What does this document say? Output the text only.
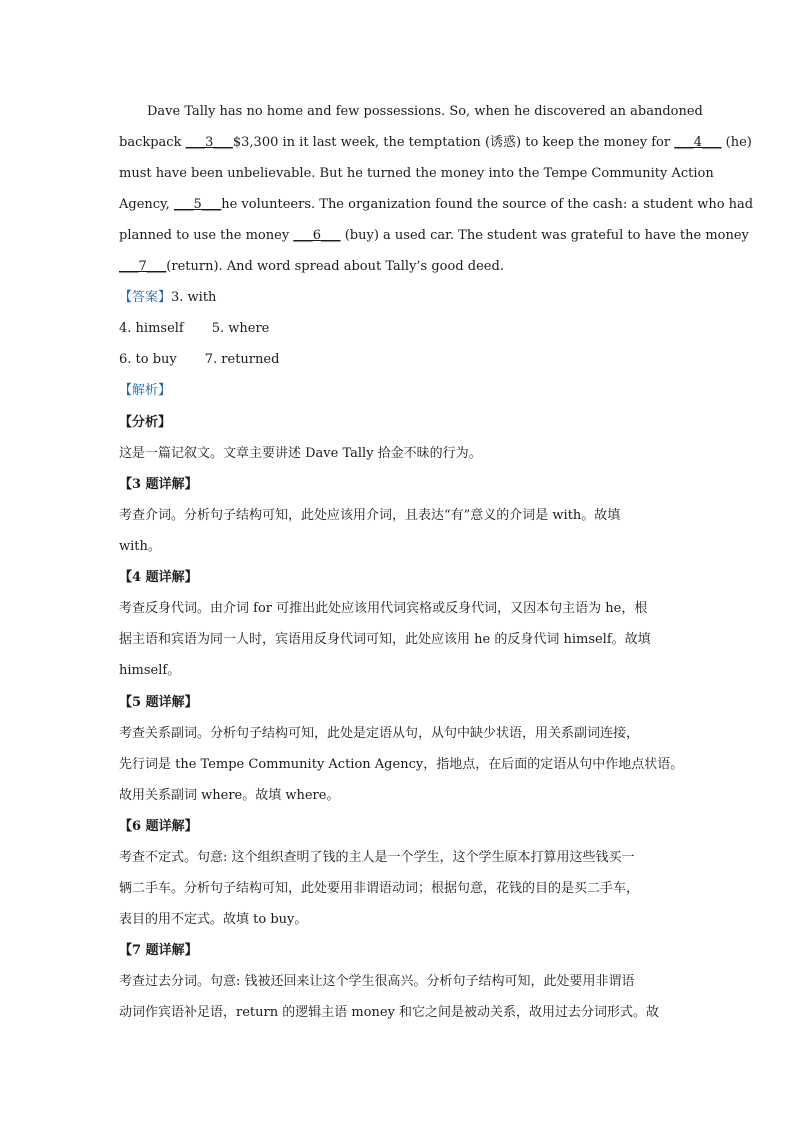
Dave Tally has no home and few possessions. So, when he discovered an abandoned
backpack ___3___$3,300 in it last week, the temptation (诱惑) to keep the money for ___4___ (he)
must have been unbelievable. But he turned the money into the Tempe Community Action
Agency, ___5___he volunteers. The organization found the source of the cash: a student who had
planned to use the money ___6___ (buy) a used car. The student was grateful to have the money
___7___(return). And word spread about Tally’s good deed.
【答案】3. with
4. himself 5. where
6. to buy 7. returned
【解析】
【分析】
这是一篇记叙文。文章主要讲述 Dave Tally 拾金不昧的行为。
【3 题详解】
考查介词。分析句子结构可知，此处应该用介词，且表达“有”意义的介词是 with。故填
with。
【4 题详解】
考查反身代词。由介词 for 可推出此处应该用代词宾格或反身代词，又因本句主语为 he，根
据主语和宾语为同一人时，宾语用反身代词可知，此处应该用 he 的反身代词 himself。故填
himself。
【5 题详解】
考查关系副词。分析句子结构可知，此处是定语从句，从句中缺少状语，用关系副词连接，
先行词是 the Tempe Community Action Agency，指地点，在后面的定语从句中作地点状语。
故用关系副词 where。故填 where。
【6 题详解】
考查不定式。句意: 这个组织查明了钱的主人是一个学生，这个学生原本打算用这些钱买一
辆二手车。分析句子结构可知，此处要用非谓语动词；根据句意，花钱的目的是买二手车，
表目的用不定式。故填 to buy。
【7 题详解】
考查过去分词。句意: 钱被还回来让这个学生很高兴。分析句子结构可知，此处要用非谓语
动词作宾语补足语，return 的逻辑主语 money 和它之间是被动关系，故用过去分词形式。故
